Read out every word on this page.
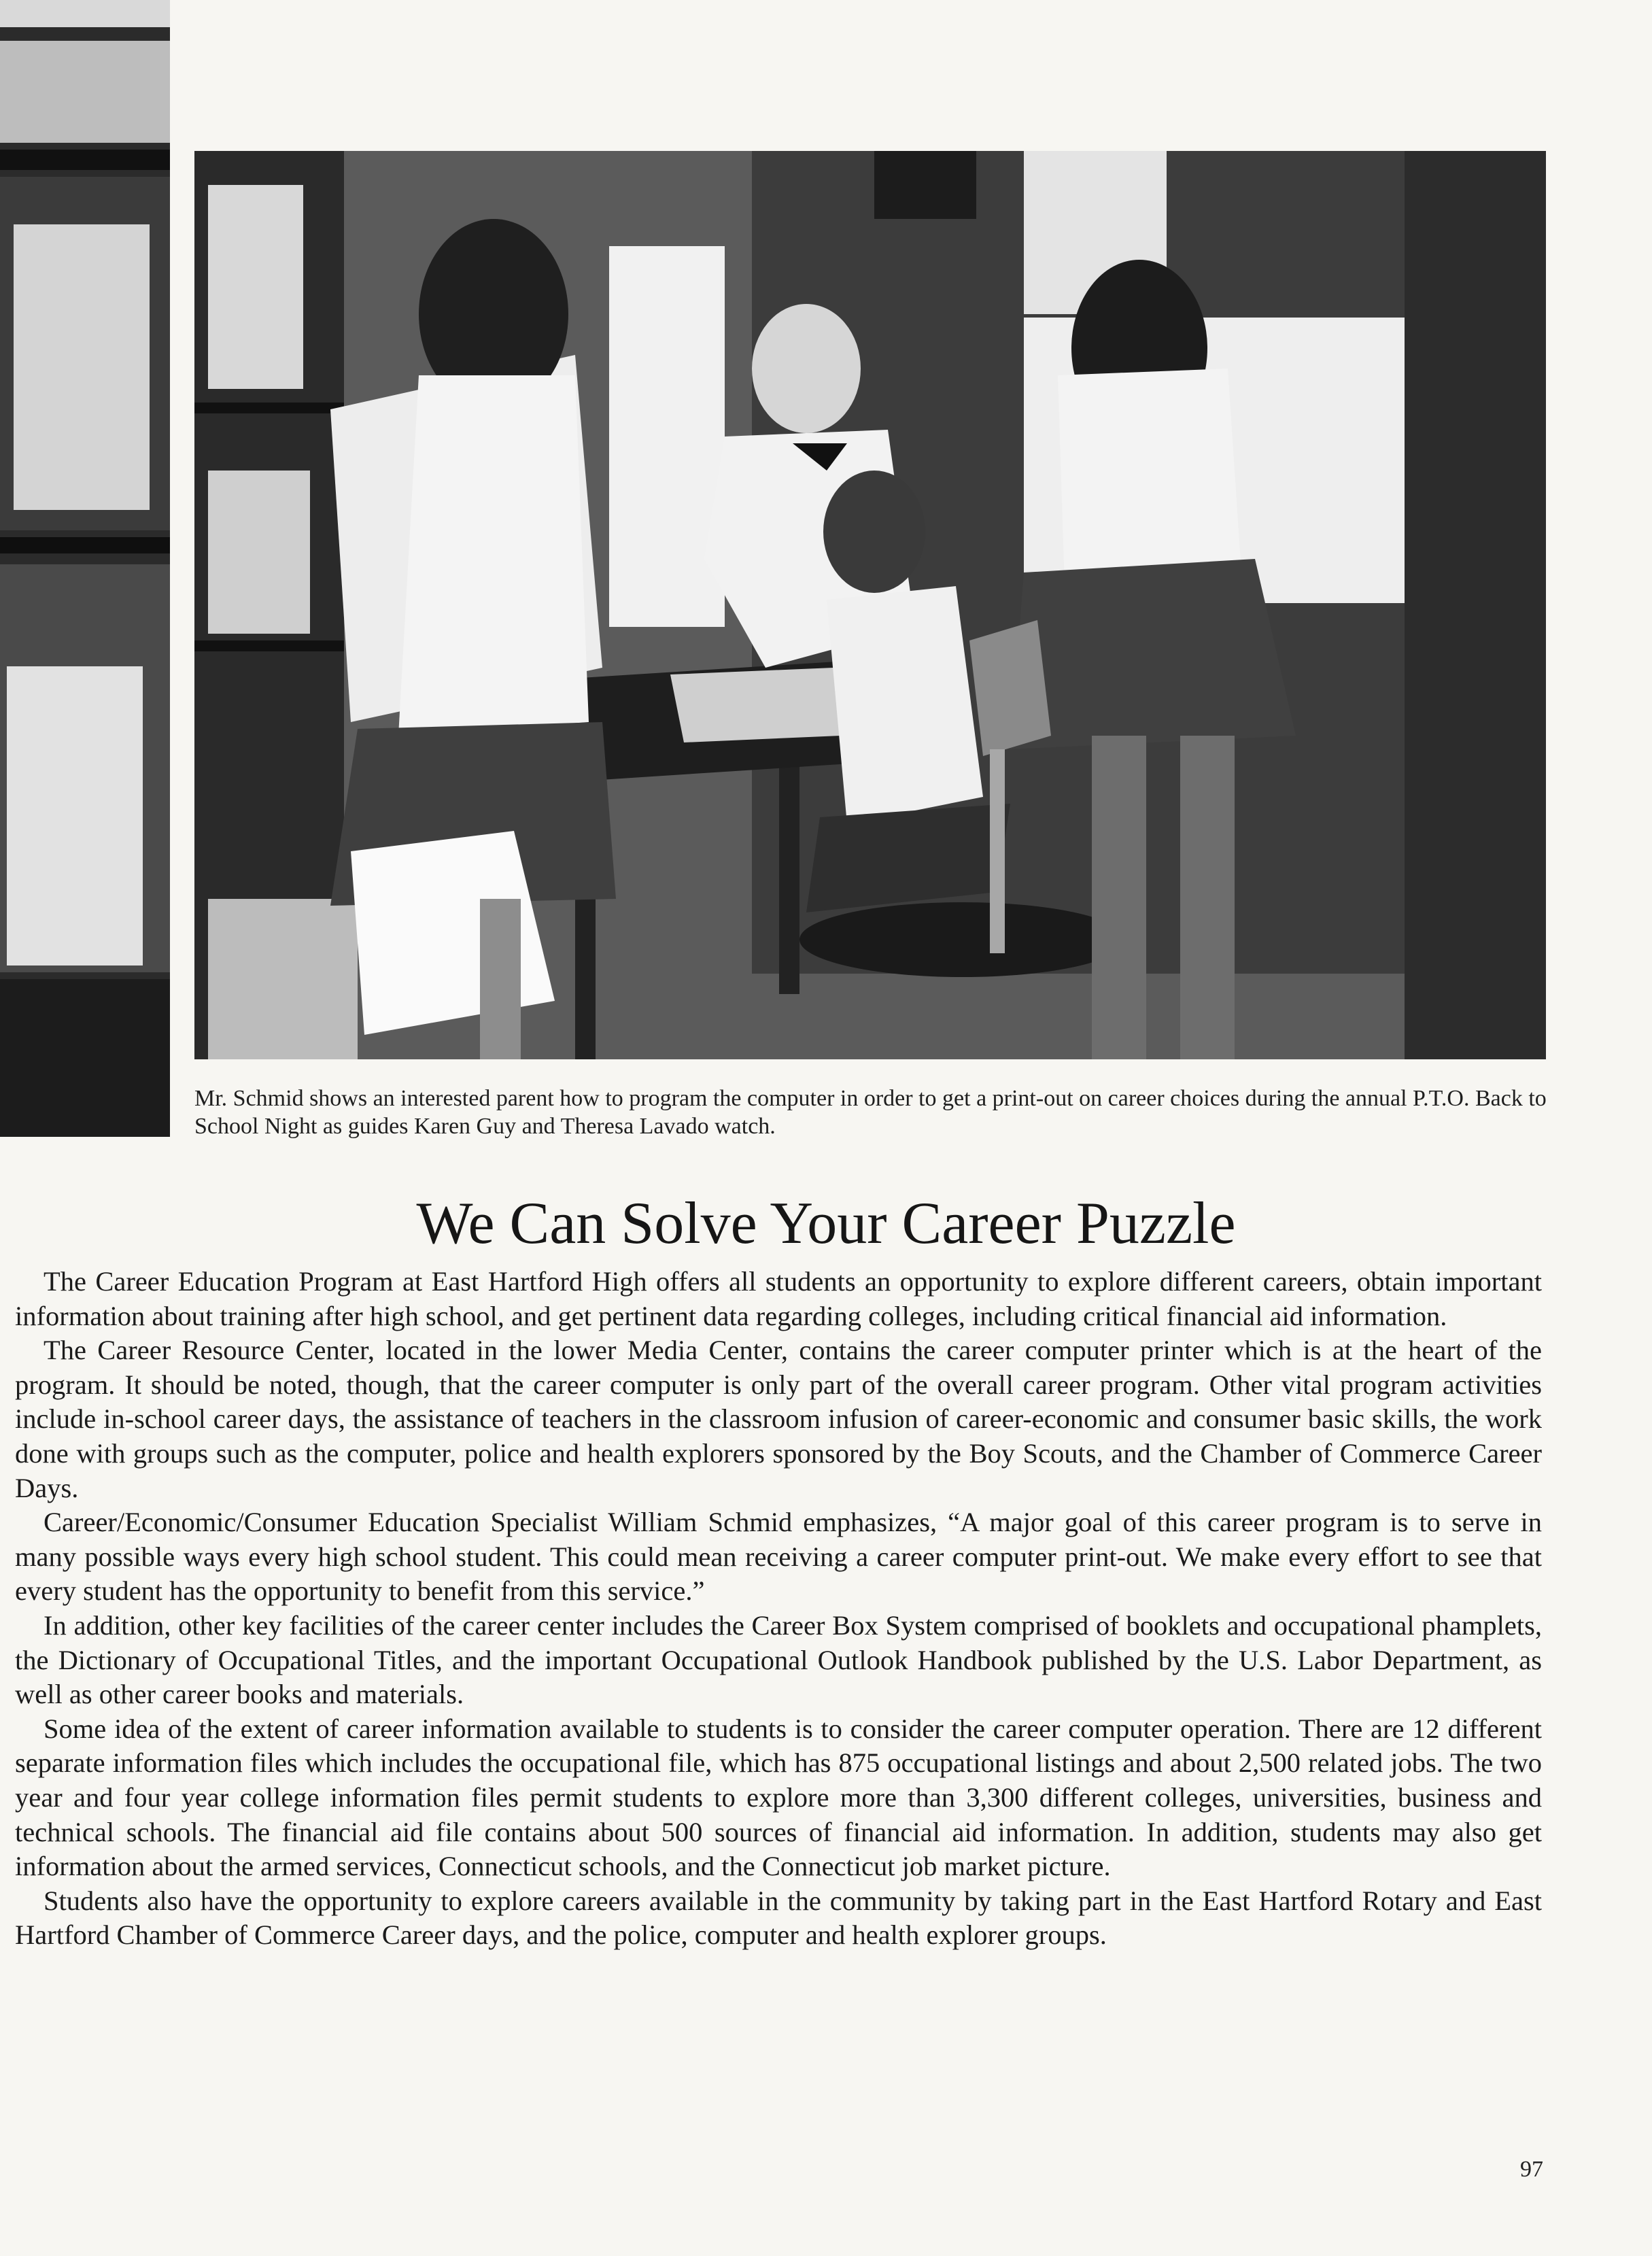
Mr. Schmid shows an interested parent how to program the computer in order to get a print-out on career choices during the annual P.T.O. Back to School Night as guides Karen Guy and Theresa Lavado watch.

We Can Solve Your Career Puzzle

The Career Education Program at East Hartford High offers all students an opportunity to explore different careers, obtain important information about training after high school, and get pertinent data regarding colleges, including critical financial aid information.

The Career Resource Center, located in the lower Media Center, contains the career computer printer which is at the heart of the program. It should be noted, though, that the career computer is only part of the overall career program. Other vital program activities include in-school career days, the assistance of teachers in the classroom infusion of career-economic and consumer basic skills, the work done with groups such as the computer, police and health explorers sponsored by the Boy Scouts, and the Chamber of Commerce Career Days.

Career/Economic/Consumer Education Specialist William Schmid emphasizes, “A major goal of this career program is to serve in many possible ways every high school student. This could mean receiving a career computer print-out. We make every effort to see that every student has the opportunity to benefit from this service.”

In addition, other key facilities of the career center includes the Career Box System comprised of booklets and occupational phamplets, the Dictionary of Occupational Titles, and the important Occupational Outlook Handbook published by the U.S. Labor Department, as well as other career books and materials.

Some idea of the extent of career information available to students is to consider the career computer operation. There are 12 different separate information files which includes the occupational file, which has 875 occupational listings and about 2,500 related jobs. The two year and four year college information files permit students to explore more than 3,300 different colleges, universities, business and technical schools. The financial aid file contains about 500 sources of financial aid information. In addition, students may also get information about the armed services, Connecticut schools, and the Connecticut job market picture.

Students also have the opportunity to explore careers available in the community by taking part in the East Hartford Rotary and East Hartford Chamber of Commerce Career days, and the police, computer and health explorer groups.

97
